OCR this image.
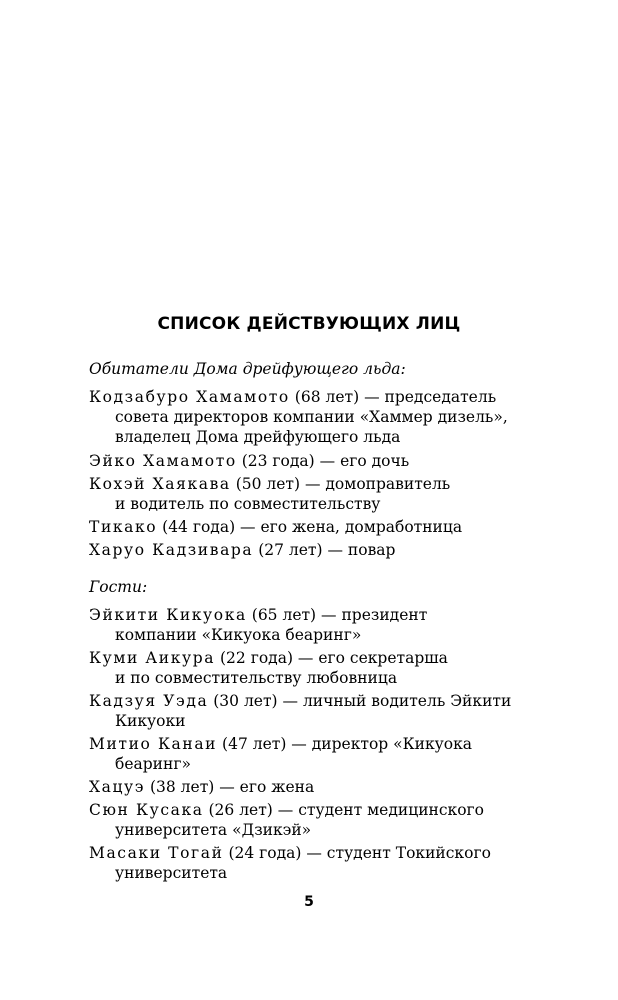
СПИСОК ДЕЙСТВУЮЩИХ ЛИЦ
Обитатели Дома дрейфующего льда:
Кодзабуро Хамамото (68 лет) — председатель
совета директоров компании «Хаммер дизель»,
владелец Дома дрейфующего льда
Эйко Хамамото (23 года) — его дочь
Кохэй Хаякава (50 лет) — домоправитель
и водитель по совместительству
Тикако (44 года) — его жена, домработница
Харуо Кадзивара (27 лет) — повар
Гости:
Эйкити Кикуока (65 лет) — президент
компании «Кикуока беаринг»
Куми Аикура (22 года) — его секретарша
и по совместительству любовница
Кадзуя Уэда (30 лет) — личный водитель Эйкити
Кикуоки
Митио Канаи (47 лет) — директор «Кикуока
беаринг»
Хацуэ (38 лет) — его жена
Сюн Кусака (26 лет) — студент медицинского
университета «Дзикэй»
Масаки Тогай (24 года) — студент Токийского
университета
5
